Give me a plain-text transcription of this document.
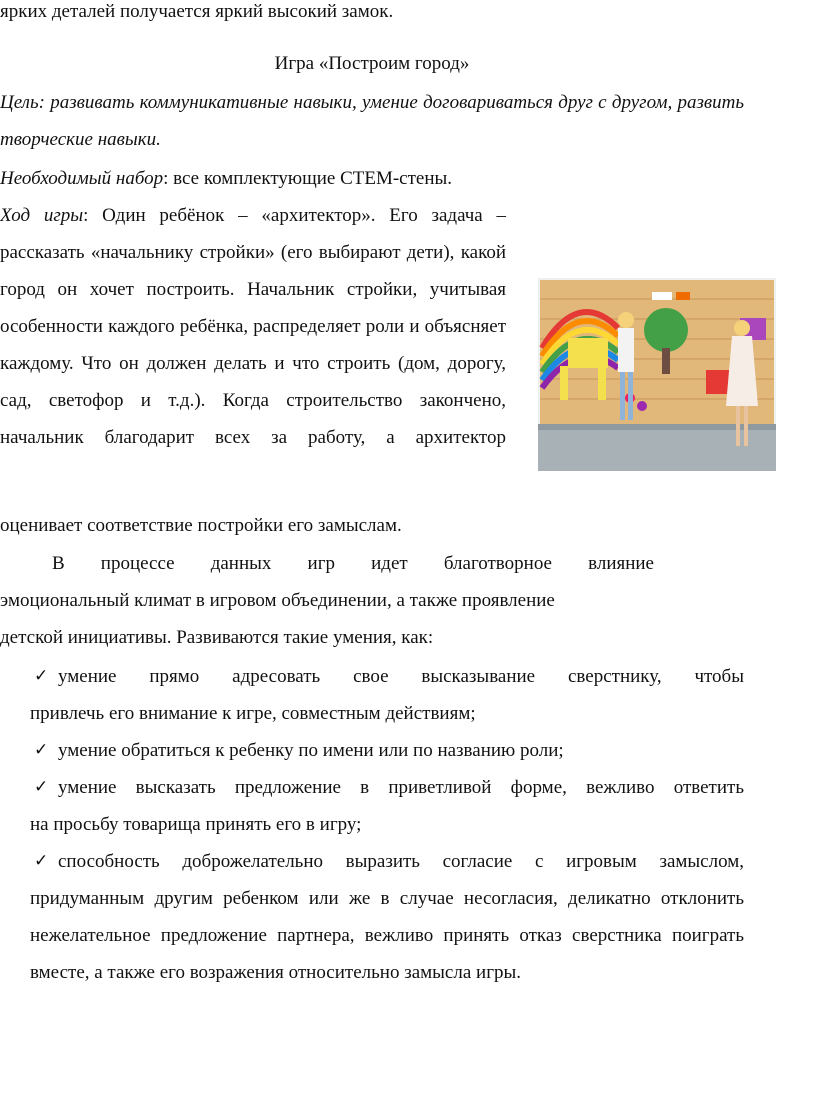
ярких деталей получается яркий высокий замок.

Игра «Построим город»

Цель: развивать коммуникативные навыки, умение договариваться друг с другом, развить творческие навыки.

Необходимый набор: все комплектующие СТЕМ-стены.

Ход игры: Один ребёнок – «архитектор». Его задача – рассказать «начальнику стройки» (его выбирают дети), какой город он хочет построить. Начальник стройки, учитывая особенности каждого ребёнка, распределяет роли и объясняет каждому. Что он должен делать и что строить (дом, дорогу, сад, светофор и т.д.). Когда строительство закончено, начальник благодарит всех за работу, а архитектор

оценивает соответствие постройки его замыслам.

В процессе данных игр идет благотворное влияние

эмоциональный климат в игровом объединении, а также проявление

детской инициативы. Развиваются такие умения, как:

✓ умение прямо адресовать свое высказывание сверстнику, чтобы

привлечь его внимание к игре, совместным действиям;

✓ умение обратиться к ребенку по имени или по названию роли;

✓ умение высказать предложение в приветливой форме, вежливо ответить

на просьбу товарища принять его в игру;

✓ способность доброжелательно выразить согласие с игровым замыслом,

придуманным другим ребенком или же в случае несогласия, деликатно отклонить нежелательное предложение партнера, вежливо принять отказ сверстника поиграть вместе, а также его возражения относительно замысла игры.
